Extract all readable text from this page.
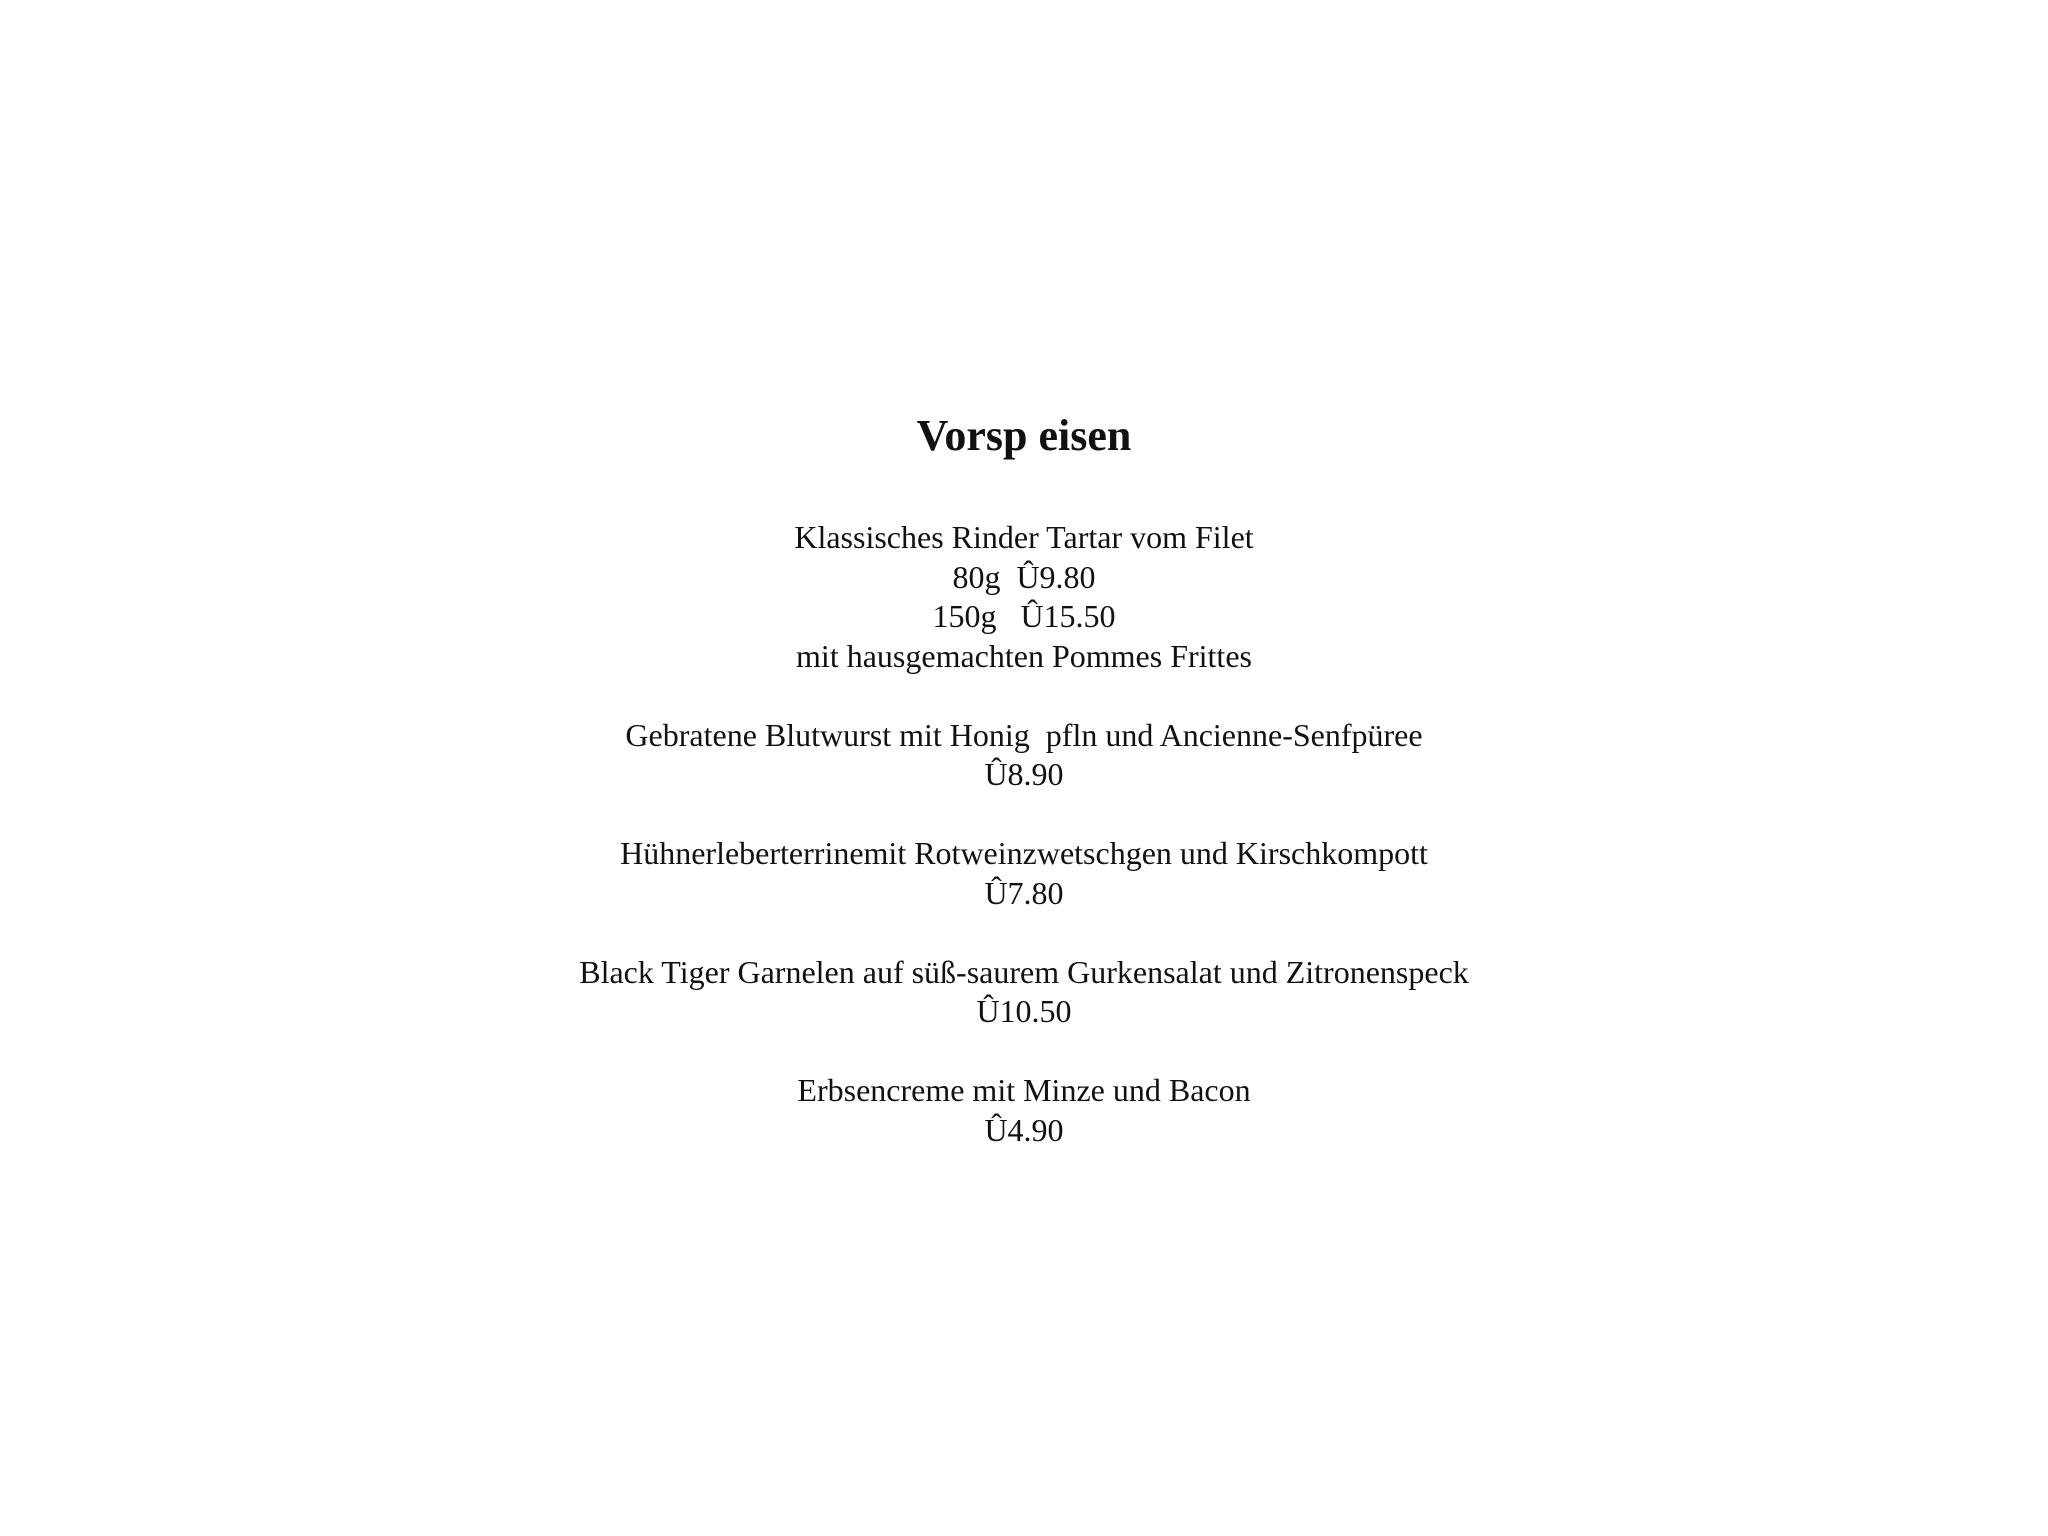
Vorsp eisen
Klassisches Rinder Tartar vom Filet
80g  Û9.80
150g   Û15.50
mit hausgemachten Pommes Frittes
Gebratene Blutwurst mit Honig  pfln und Ancienne-Senfpüree
Û8.90
Hühnerleberterrinemit Rotweinzwetschgen und Kirschkompott
Û7.80
Black Tiger Garnelen auf süß-saurem Gurkensalat und Zitronenspeck
Û10.50
Erbsencreme mit Minze und Bacon
Û4.90
